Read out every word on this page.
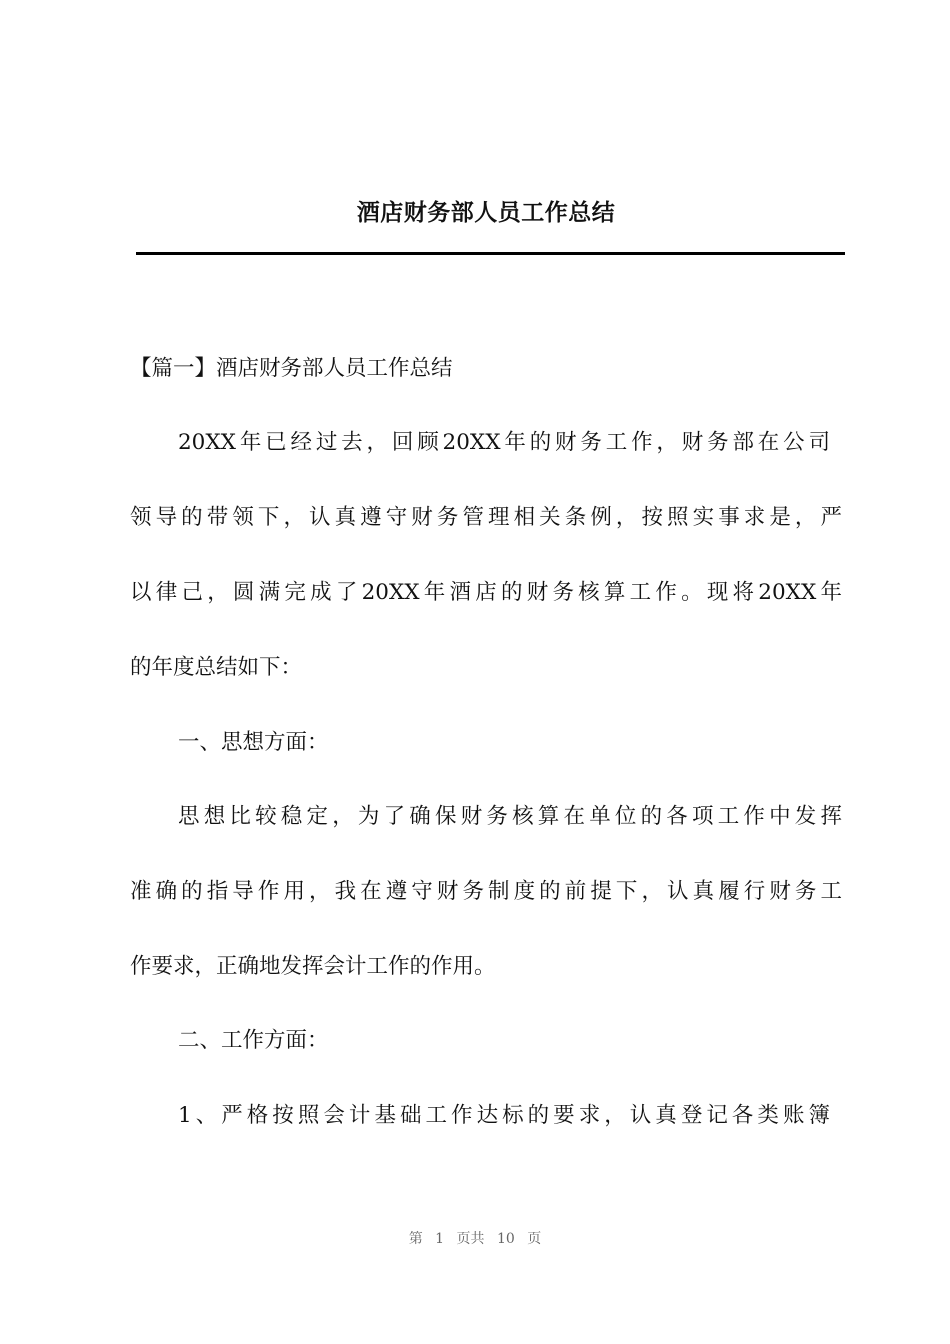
酒店财务部人员工作总结

【篇一】酒店财务部人员工作总结

20XX年已经过去，回顾20XX年的财务工作，财务部在公司

领导的带领下，认真遵守财务管理相关条例，按照实事求是，严

以律己，圆满完成了20XX年酒店的财务核算工作。现将20XX年

的年度总结如下：

一、思想方面：

思想比较稳定，为了确保财务核算在单位的各项工作中发挥

准确的指导作用，我在遵守财务制度的前提下，认真履行财务工

作要求，正确地发挥会计工作的作用。

二、工作方面：

1、严格按照会计基础工作达标的要求，认真登记各类账簿

第 1 页共 10 页
